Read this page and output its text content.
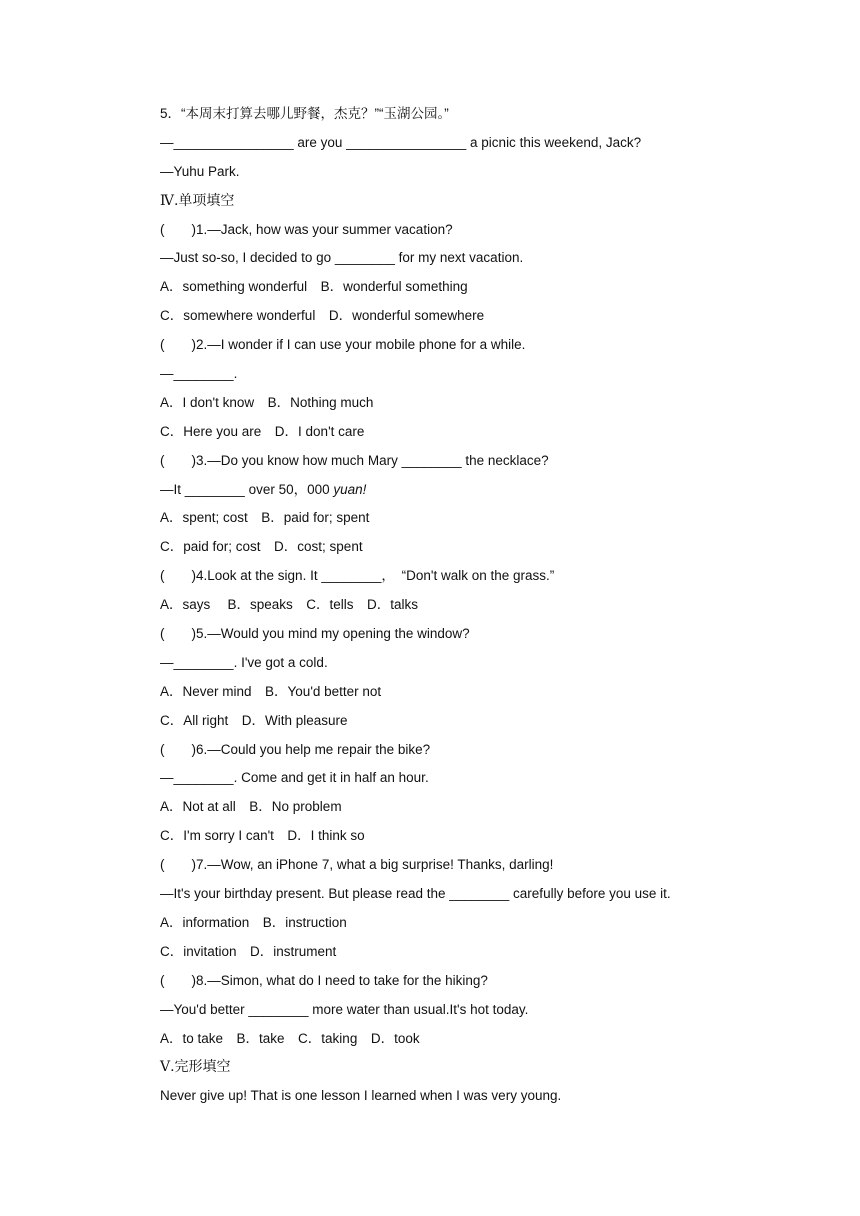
5．“本周末打算去哪儿野餐，杰克？”“玉湖公园。”

—________________ are you ________________ a picnic this weekend, Jack?

—Yuhu Park.

Ⅳ.单项填空

(　　)1.—Jack, how was your summer vacation?

—Just so-so, I decided to go ________ for my next vacation.

A．something wonderful　B．wonderful something

C．somewhere wonderful　D．wonderful somewhere

(　　)2.—I wonder if I can use your mobile phone for a while.

—________.

A．I don't know　B．Nothing much

C．Here you are　D．I don't care

(　　)3.—Do you know how much Mary ________ the necklace?

—It ________ over 50，000 yuan!

A．spent; cost　B．paid for; spent

C．paid for; cost　D．cost; spent

(　　)4.Look at the sign. It ________，　“Don't walk on the grass.”

A．says　 B．speaks　C．tells　D．talks

(　　)5.—Would you mind my opening the window?

—________. I've got a cold.

A．Never mind　B．You'd better not

C．All right　D．With pleasure

(　　)6.—Could you help me repair the bike?

—________. Come and get it in half an hour.

A．Not at all　B．No problem

C．I'm sorry I can't　D．I think so

(　　)7.—Wow, an iPhone 7, what a big surprise! Thanks, darling!

—It's your birthday present. But please read the ________ carefully before you use it.

A．information　B．instruction

C．invitation　D．instrument

(　　)8.—Simon, what do I need to take for the hiking?

—You'd better ________ more water than usual.It's hot today.

A．to take　B．take　C．taking　D．took

Ⅴ.完形填空

Never give up! That is one lesson I learned when I was very young.
